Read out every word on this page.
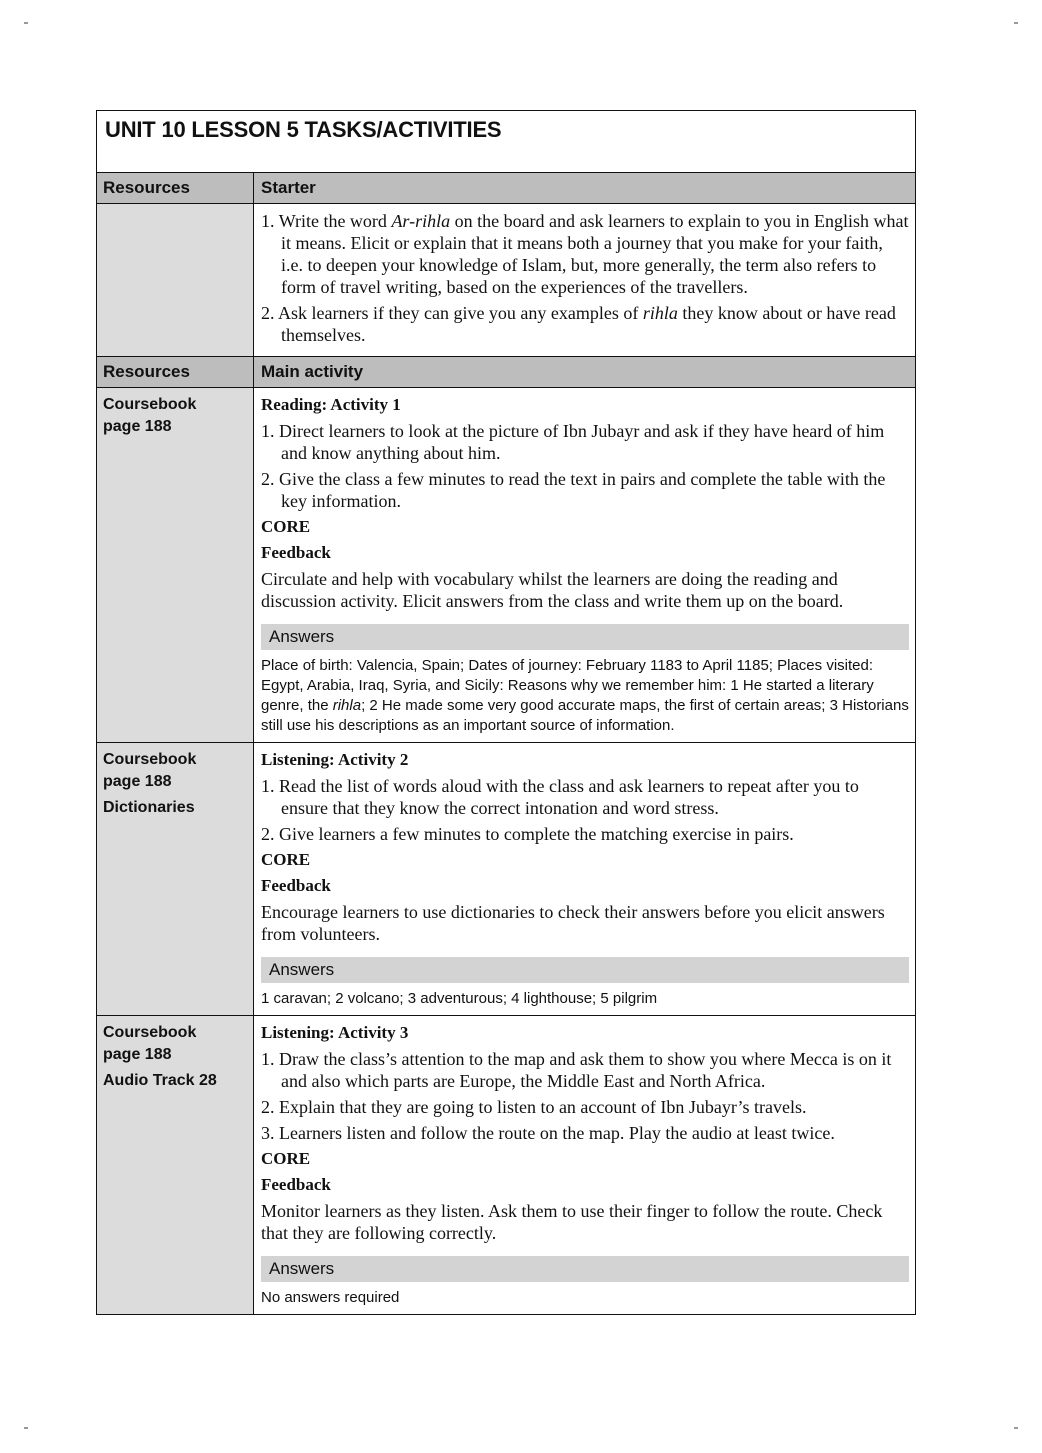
UNIT 10 LESSON 5 TASKS/ACTIVITIES
Resources	Starter
1. Write the word Ar-rihla on the board and ask learners to explain to you in English what it means. Elicit or explain that it means both a journey that you make for your faith, i.e. to deepen your knowledge of Islam, but, more generally, the term also refers to form of travel writing, based on the experiences of the travellers.
2. Ask learners if they can give you any examples of rihla they know about or have read themselves.
Resources	Main activity
Coursebook
page 188
Reading: Activity 1
1. Direct learners to look at the picture of Ibn Jubayr and ask if they have heard of him and know anything about him.
2. Give the class a few minutes to read the text in pairs and complete the table with the key information.
CORE
Feedback
Circulate and help with vocabulary whilst the learners are doing the reading and discussion activity. Elicit answers from the class and write them up on the board.
Answers
Place of birth: Valencia, Spain; Dates of journey: February 1183 to April 1185; Places visited: Egypt, Arabia, Iraq, Syria, and Sicily: Reasons why we remember him: 1 He started a literary genre, the rihla; 2 He made some very good accurate maps, the first of certain areas; 3 Historians still use his descriptions as an important source of information.
Coursebook
page 188
Dictionaries
Listening: Activity 2
1. Read the list of words aloud with the class and ask learners to repeat after you to ensure that they know the correct intonation and word stress.
2. Give learners a few minutes to complete the matching exercise in pairs.
CORE
Feedback
Encourage learners to use dictionaries to check their answers before you elicit answers from volunteers.
Answers
1 caravan; 2 volcano; 3 adventurous; 4 lighthouse; 5 pilgrim
Coursebook
page 188
Audio Track 28
Listening: Activity 3
1. Draw the class’s attention to the map and ask them to show you where Mecca is on it and also which parts are Europe, the Middle East and North Africa.
2. Explain that they are going to listen to an account of Ibn Jubayr’s travels.
3. Learners listen and follow the route on the map. Play the audio at least twice.
CORE
Feedback
Monitor learners as they listen. Ask them to use their finger to follow the route. Check that they are following correctly.
Answers
No answers required
